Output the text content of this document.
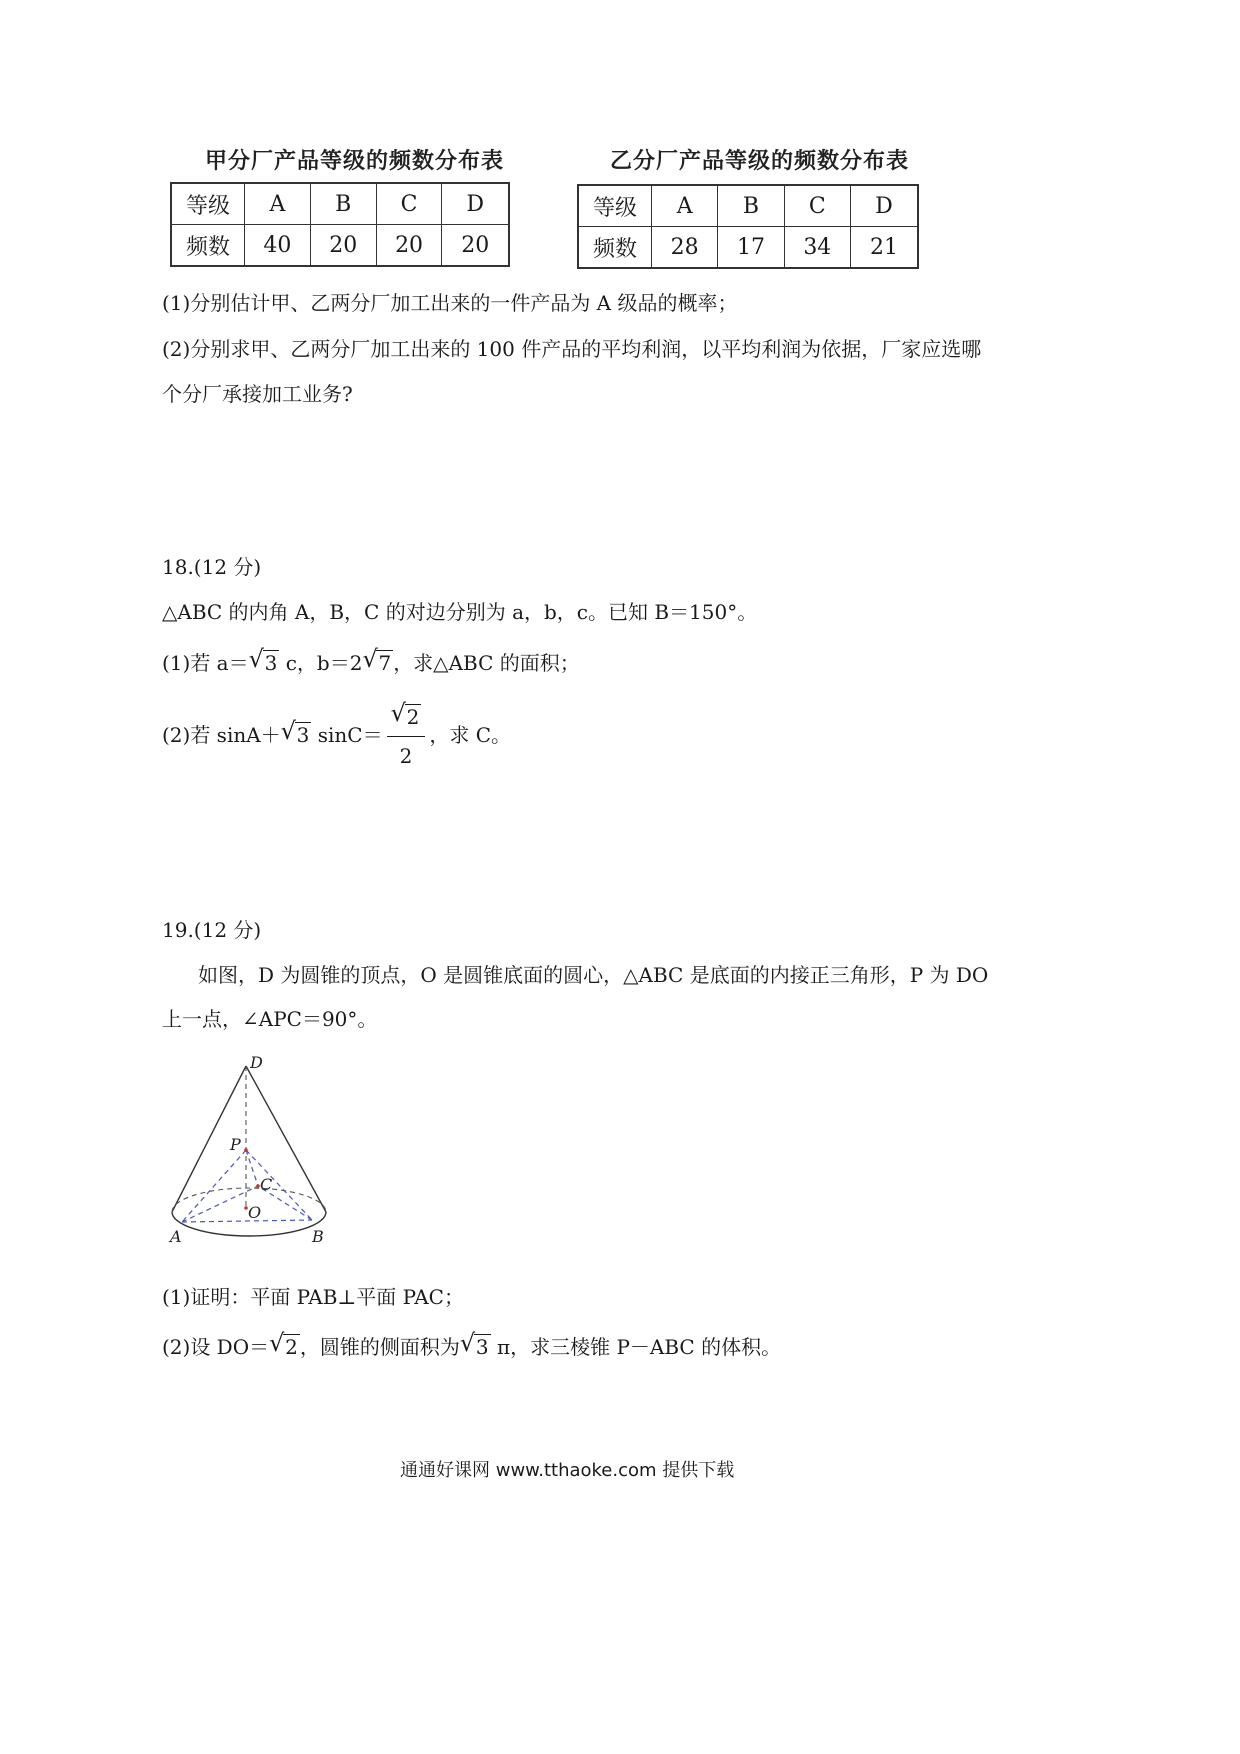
甲分厂产品等级的频数分布表
等级	A	B	C	D
频数	40	20	20	20
乙分厂产品等级的频数分布表
等级	A	B	C	D
频数	28	17	34	21
(1)分别估计甲、乙两分厂加工出来的一件产品为 A 级品的概率；
(2)分别求甲、乙两分厂加工出来的 100 件产品的平均利润，以平均利润为依据，厂家应选哪
个分厂承接加工业务?
18.(12 分)
△ABC 的内角 A，B，C 的对边分别为 a，b，c。已知 B＝150°。
(1)若 a＝ √ 3 c，b＝2 √ 7 ，求△ABC 的面积；
(2)若 sinA＋ √ 3 $\sin C= \frac{√ 2}{2}$ ，求 C。
19.(12 分)
如图，D 为圆锥的顶点，O 是圆锥底面的圆心，△ABC 是底面的内接正三角形，P 为 DO
上一点，∠APC＝90°。
D
P
C
O
A	B
(1)证明：平面 PAB⊥平面 PAC；
(2)设 DO＝ √ 2 ，圆锥的侧面积为 √ 3 π，求三棱锥 P－ABC 的体积。
通通好课网 www.tthaoke.com 提供下载
